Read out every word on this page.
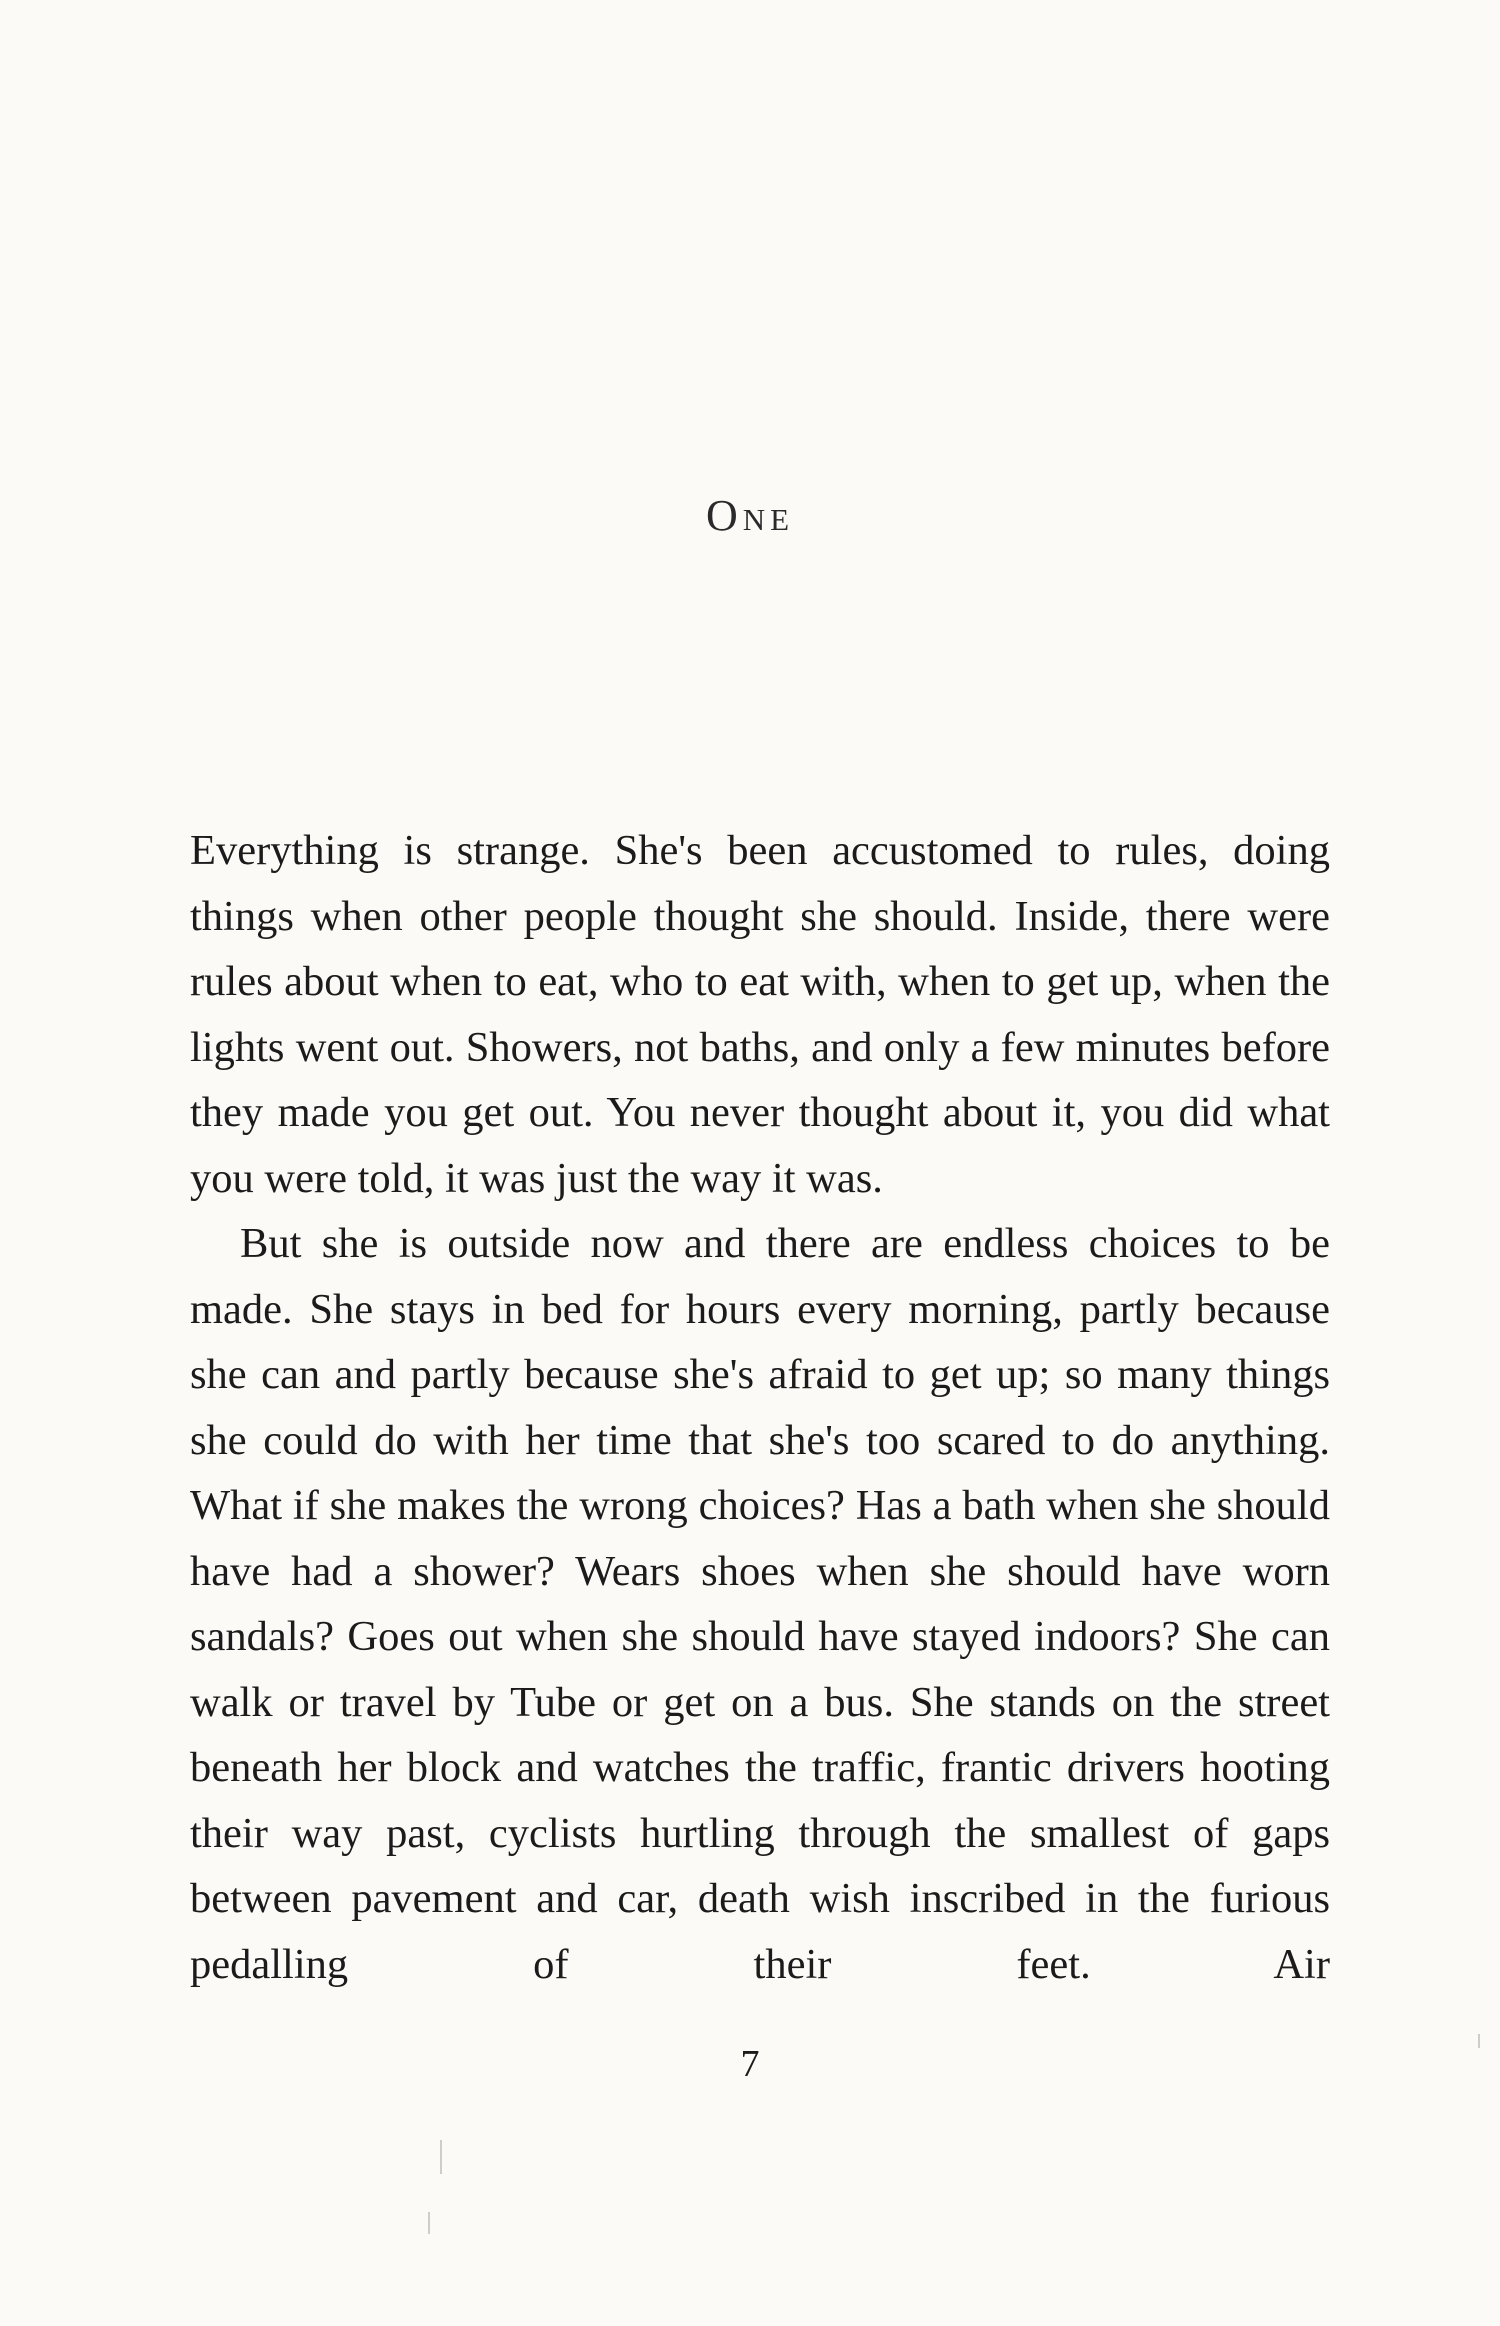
One

Everything is strange. She's been accustomed to rules, doing things when other people thought she should. Inside, there were rules about when to eat, who to eat with, when to get up, when the lights went out. Showers, not baths, and only a few minutes before they made you get out. You never thought about it, you did what you were told, it was just the way it was.

But she is outside now and there are endless choices to be made. She stays in bed for hours every morning, partly because she can and partly because she's afraid to get up; so many things she could do with her time that she's too scared to do anything. What if she makes the wrong choices? Has a bath when she should have had a shower? Wears shoes when she should have worn sandals? Goes out when she should have stayed indoors? She can walk or travel by Tube or get on a bus. She stands on the street beneath her block and watches the traffic, frantic drivers hooting their way past, cyclists hurtling through the smallest of gaps between pavement and car, death wish inscribed in the furious pedalling of their feet. Air

7
